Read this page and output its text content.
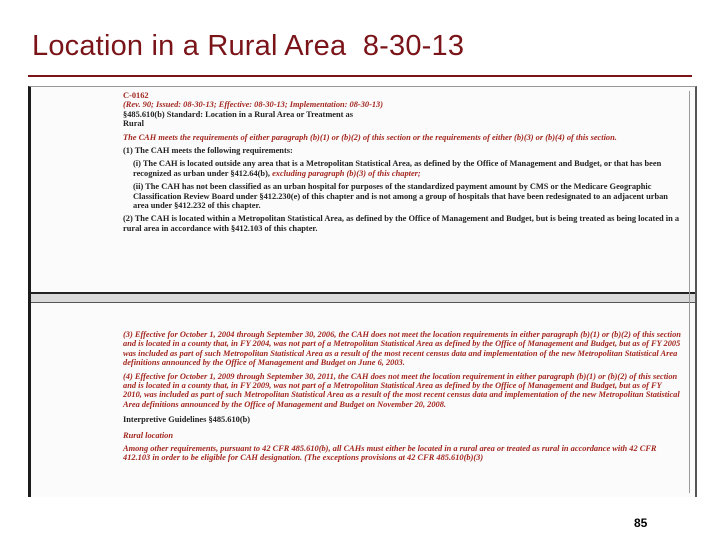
Location in a Rural Area  8-30-13

C-0162

(Rev. 90; Issued: 08-30-13; Effective: 08-30-13; Implementation: 08-30-13)

§485.610(b) Standard: Location in a Rural Area or Treatment as

Rural

The CAH meets the requirements of either paragraph (b)(1) or (b)(2) of this section or the requirements of either (b)(3) or (b)(4) of this section.

(1) The CAH meets the following requirements:

(i) The CAH is located outside any area that is a Metropolitan Statistical Area, as defined by the Office of Management and Budget, or that has been recognized as urban under §412.64(b), excluding paragraph (b)(3) of this chapter;

(ii) The CAH has not been classified as an urban hospital for purposes of the standardized payment amount by CMS or the Medicare Geographic Classification Review Board under §412.230(e) of this chapter and is not among a group of hospitals that have been redesignated to an adjacent urban area under §412.232 of this chapter.

(2) The CAH is located within a Metropolitan Statistical Area, as defined by the Office of Management and Budget, but is being treated as being located in a rural area in accordance with §412.103 of this chapter.

(3) Effective for October 1, 2004 through September 30, 2006, the CAH does not meet the location requirements in either paragraph (b)(1) or (b)(2) of this section and is located in a county that, in FY 2004, was not part of a Metropolitan Statistical Area as defined by the Office of Management and Budget, but as of FY 2005 was included as part of such Metropolitan Statistical Area as a result of the most recent census data and implementation of the new Metropolitan Statistical Area definitions announced by the Office of Management and Budget on June 6, 2003.

(4) Effective for October 1, 2009 through September 30, 2011, the CAH does not meet the location requirement in either paragraph (b)(1) or (b)(2) of this section and is located in a county that, in FY 2009, was not part of a Metropolitan Statistical Area as defined by the Office of Management and Budget, but as of FY 2010, was included as part of such Metropolitan Statistical Area as a result of the most recent census data and implementation of the new Metropolitan Statistical Area definitions announced by the Office of Management and Budget on November 20, 2008.

Interpretive Guidelines §485.610(b)

Rural location

Among other requirements, pursuant to 42 CFR 485.610(b), all CAHs must either be located in a rural area or treated as rural in accordance with 42 CFR 412.103 in order to be eligible for CAH designation. (The exceptions provisions at 42 CFR 485.610(b)(3)

85
